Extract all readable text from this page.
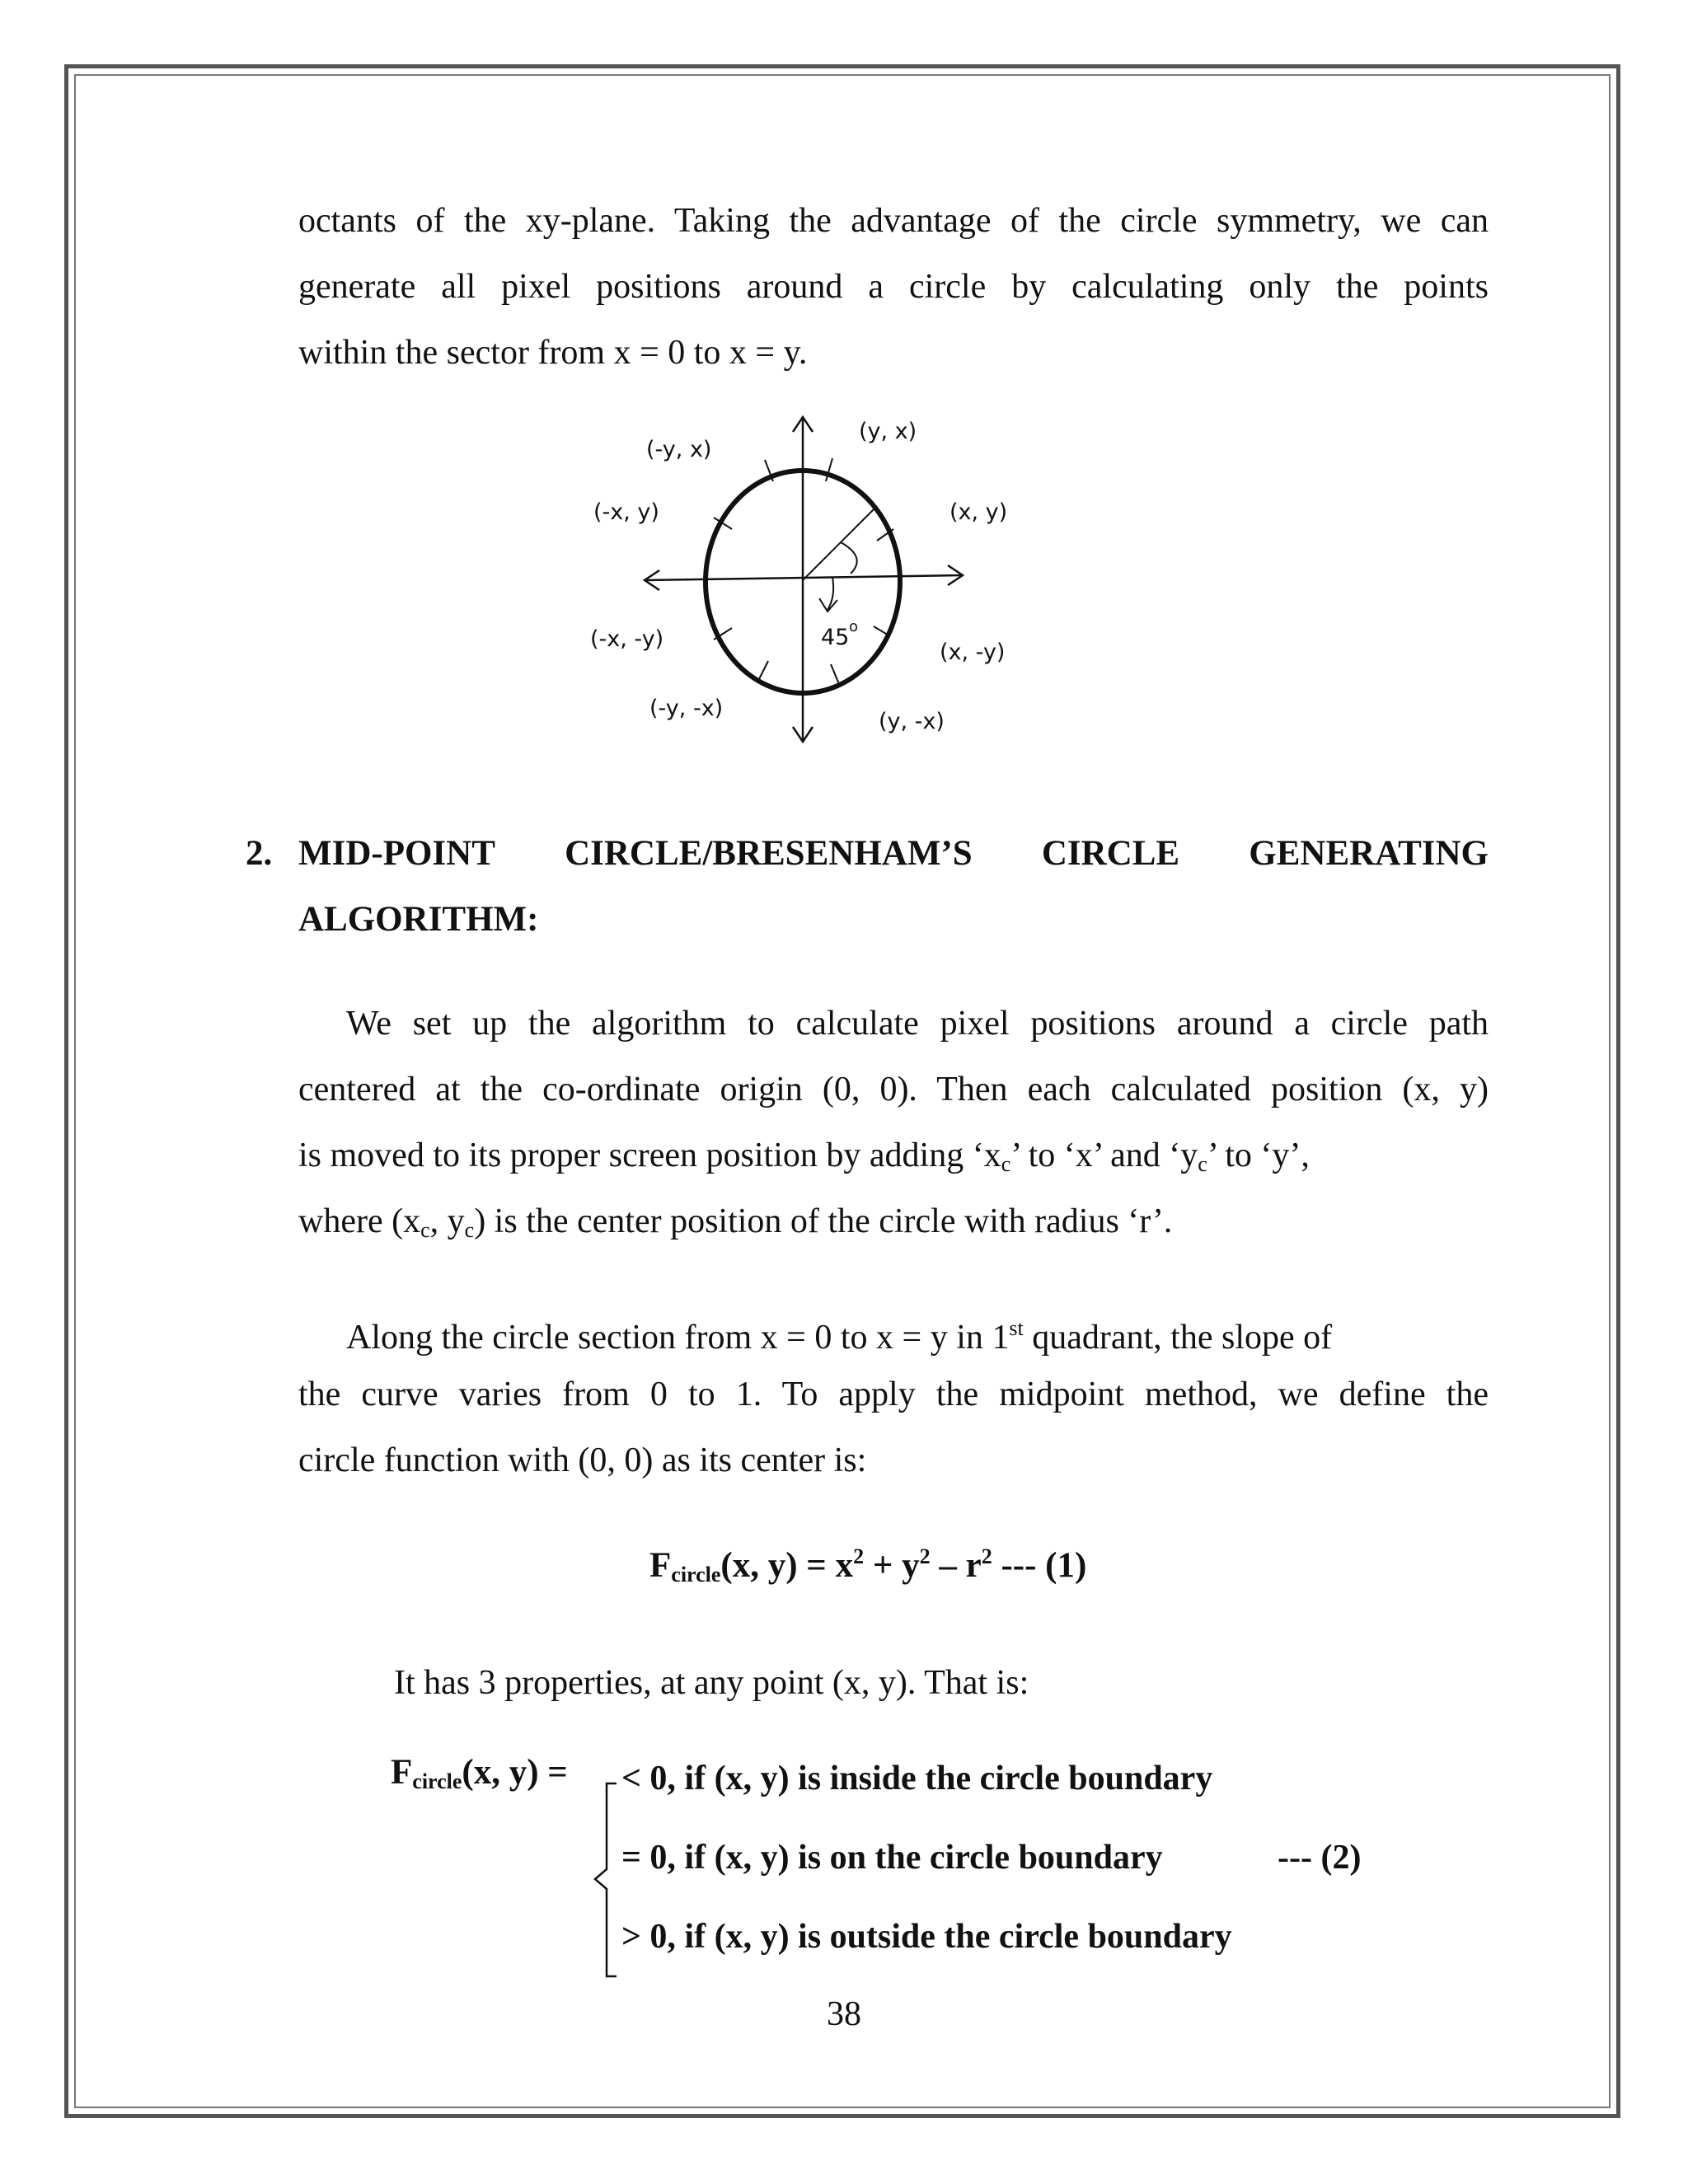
octants of the xy-plane. Taking the advantage of the circle symmetry, we can
generate all pixel positions around a circle by calculating only the points
within the sector from x = 0 to x = y.
(-y, x)
(y, x)
(-x, y)	(x, y)
(-x, -y)	45 o
(x, -y)
(-y, -x)
(y, -x)
2. MID-POINT CIRCLE/BRESENHAM’S CIRCLE GENERATING
ALGORITHM:
We set up the algorithm to calculate pixel positions around a circle path
centered at the co-ordinate origin (0, 0). Then each calculated position (x, y)
is moved to its proper screen position by adding ‘$x_c$’ to ‘x’ and ‘$y_c$’ to ‘y’,
where ($x_c$, $y_c$) is the center position of the circle with radius ‘r’.
Along the circle section from x = 0 to x = y in 1st quadrant, the slope of
the curve varies from 0 to 1. To apply the midpoint method, we define the
circle function with (0, 0) as its center is:
$F_{circle}(x$, $y) = x^2 + y^2 - r^2$ --- (1)
It has 3 properties, at any point (x, y). That is:
$F_{circle}(x$, y) = < 0, if (x, y) is inside the circle boundary
= 0, if (x, y) is on the circle boundary	--- (2)
> 0, if (x, y) is outside the circle boundary
38
